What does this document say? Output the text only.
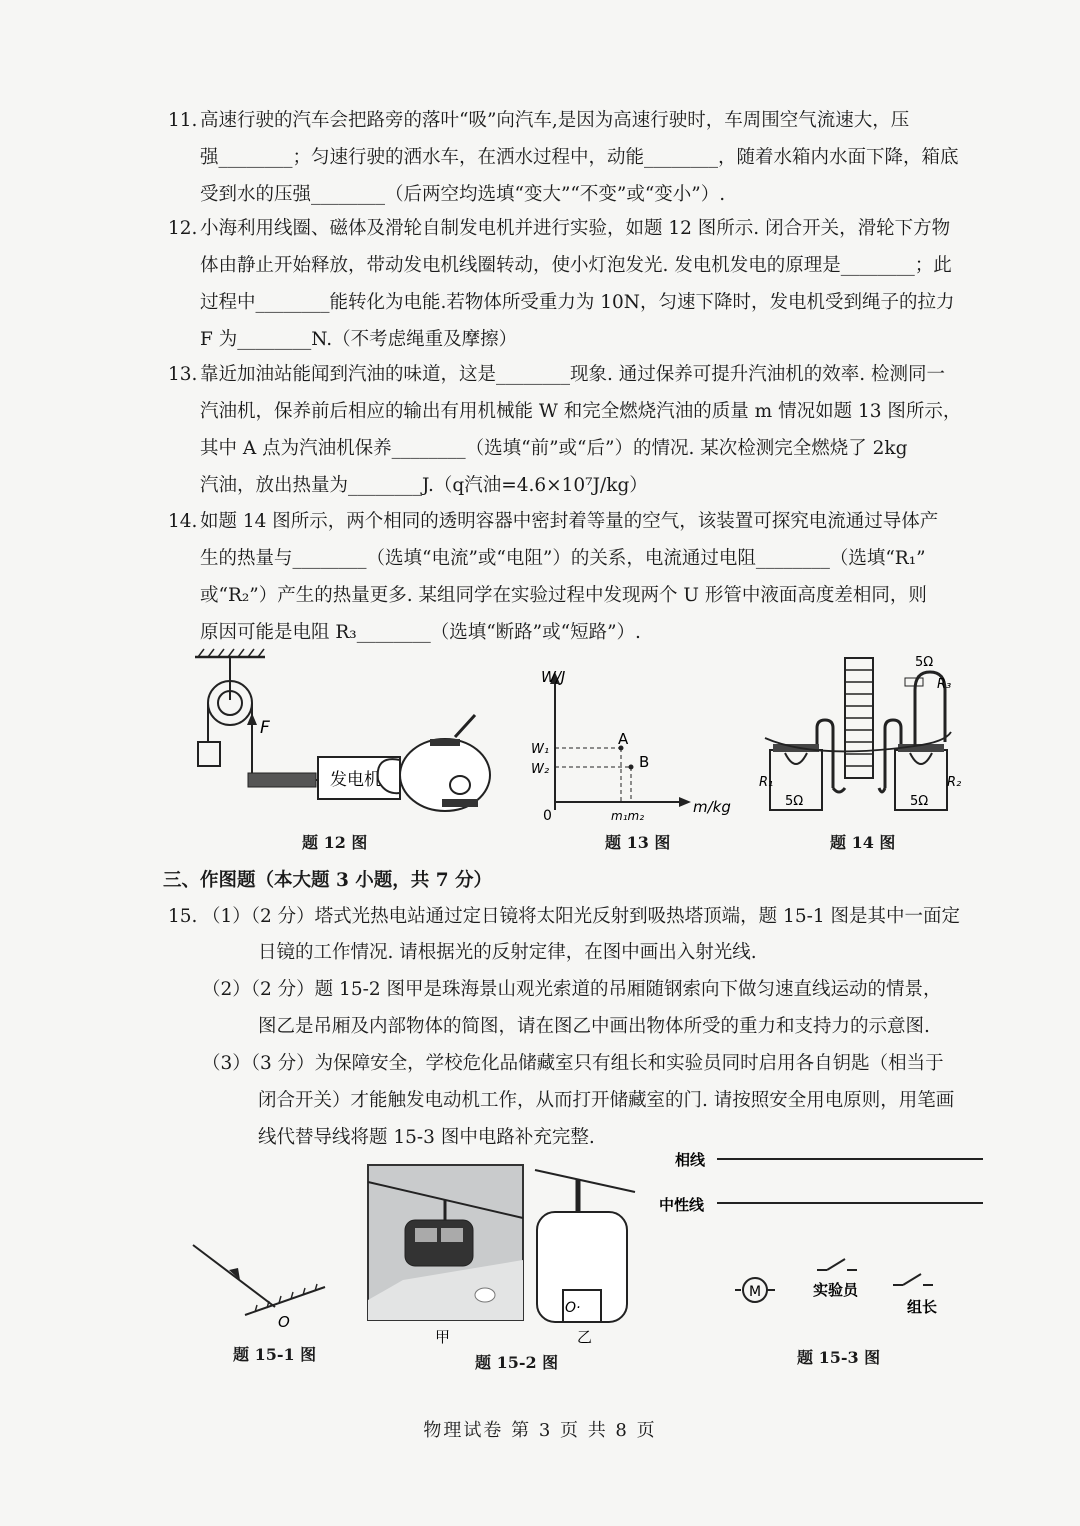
11. 高速行驶的汽车会把路旁的落叶“吸”向汽车,是因为高速行驶时，车周围空气流速大，压
强________；匀速行驶的洒水车，在洒水过程中，动能________，随着水箱内水面下降，箱底
受到水的压强________（后两空均选填“变大”“不变”或“变小”）.
12. 小海利用线圈、磁体及滑轮自制发电机并进行实验，如题 12 图所示. 闭合开关，滑轮下方物
体由静止开始释放，带动发电机线圈转动，使小灯泡发光. 发电机发电的原理是________；此
过程中________能转化为电能.若物体所受重力为 10N，匀速下降时，发电机受到绳子的拉力
F 为________N.（不考虑绳重及摩擦）
13. 靠近加油站能闻到汽油的味道，这是________现象. 通过保养可提升汽油机的效率. 检测同一
汽油机，保养前后相应的输出有用机械能 W 和完全燃烧汽油的质量 m 情况如题 13 图所示，
其中 A 点为汽油机保养________（选填“前”或“后”）的情况. 某次检测完全燃烧了 2kg
汽油，放出热量为________J.（q汽油=4.6×10⁷J/kg）
14. 如题 14 图所示，两个相同的透明容器中密封着等量的空气，该装置可探究电流通过导体产
生的热量与________（选填“电流”或“电阻”）的关系，电流通过电阻________（选填“R₁”
或“R₂”）产生的热量更多. 某组同学在实验过程中发现两个 U 形管中液面高度差相同，则
原因可能是电阻 R₃________（选填“断路”或“短路”）.
F
发电机
题 12 图
W/J
m/kg
0
W₁
W₂
A
B
m₁m₂
题 13 图
R₁	R₂
R₃
5Ω	5Ω
5Ω
题 14 图
三、作图题（本大题 3 小题，共 7 分）
15. （1）（2 分）塔式光热电站通过定日镜将太阳光反射到吸热塔顶端，题 15-1 图是其中一面定
日镜的工作情况. 请根据光的反射定律，在图中画出入射光线.
（2）（2 分）题 15-2 图甲是珠海景山观光索道的吊厢随钢索向下做匀速直线运动的情景，
图乙是吊厢及内部物体的简图，请在图乙中画出物体所受的重力和支持力的示意图.
（3）（3 分）为保障安全，学校危化品储藏室只有组长和实验员同时启用各自钥匙（相当于
闭合开关）才能触发电动机工作，从而打开储藏室的门. 请按照安全用电原则，用笔画
线代替导线将题 15-3 图中电路补充完整.
O
题 15-1 图
O·
甲	乙
题 15-2 图
相线
中性线
M	实验员
组长
题 15-3 图
物理试卷 第 3 页 共 8 页
